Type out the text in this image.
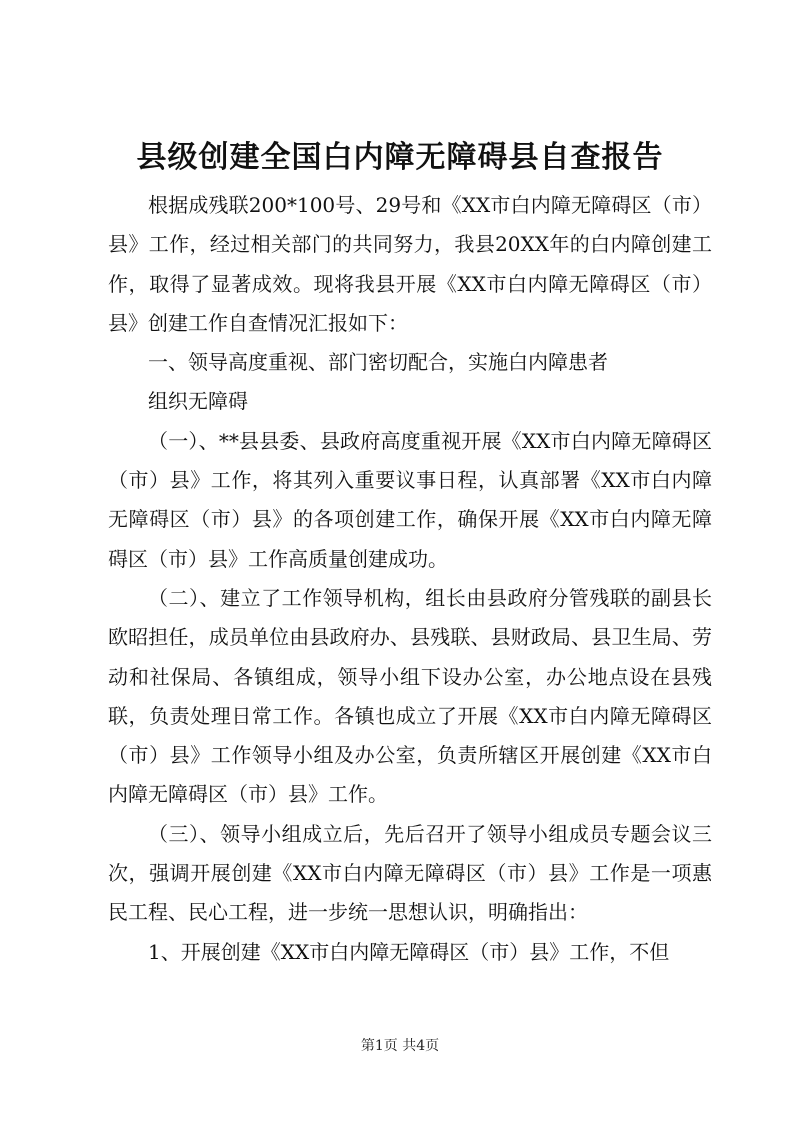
县级创建全国白内障无障碍县自查报告

根据成残联200*100号、29号和《XX市白内障无障碍区（市）县》工作，经过相关部门的共同努力，我县20XX年的白内障创建工作，取得了显著成效。现将我县开展《XX市白内障无障碍区（市）县》创建工作自查情况汇报如下：

一、领导高度重视、部门密切配合，实施白内障患者

组织无障碍

（一）、**县县委、县政府高度重视开展《XX市白内障无障碍区（市）县》工作，将其列入重要议事日程，认真部署《XX市白内障无障碍区（市）县》的各项创建工作，确保开展《XX市白内障无障碍区（市）县》工作高质量创建成功。

（二）、建立了工作领导机构，组长由县政府分管残联的副县长欧昭担任，成员单位由县政府办、县残联、县财政局、县卫生局、劳动和社保局、各镇组成，领导小组下设办公室，办公地点设在县残联，负责处理日常工作。各镇也成立了开展《XX市白内障无障碍区（市）县》工作领导小组及办公室，负责所辖区开展创建《XX市白内障无障碍区（市）县》工作。

（三）、领导小组成立后，先后召开了领导小组成员专题会议三次，强调开展创建《XX市白内障无障碍区（市）县》工作是一项惠民工程、民心工程，进一步统一思想认识，明确指出：

1、开展创建《XX市白内障无障碍区（市）县》工作，不但

第1页 共4页
